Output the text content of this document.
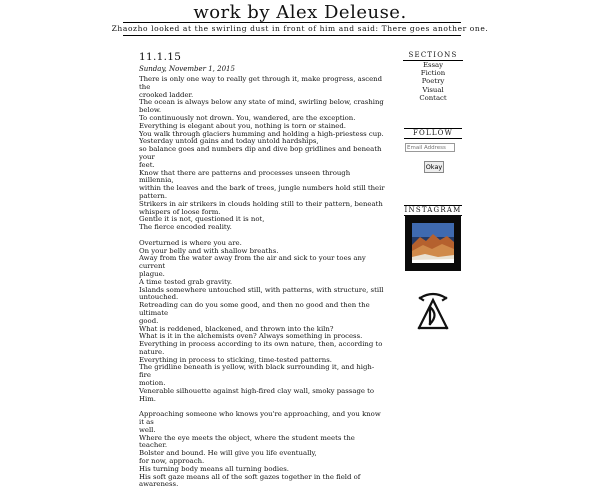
work by Alex Deleuse.
Zhaozho looked at the swirling dust in front of him and said: There goes another one.
11.1.15
Sunday, November 1, 2015

There is only one way to really get through it, make progress, ascend the
crooked ladder.
The ocean is always below any state of mind, swirling below, crashing below.
To continuously not drown. You, wandered, are the exception.
Everything is elegant about you, nothing is torn or stained.
You walk through glaciers humming and holding a high-priestess cup.
Yesterday untold gains and today untold hardships,
so balance goes and numbers dip and dive bop gridlines and beneath your
feet.
Know that there are patterns and processes unseen through millennia,
within the leaves and the bark of trees, jungle numbers hold still their
pattern.
Strikers in air strikers in clouds holding still to their pattern, beneath
whispers of loose form.
Gentle it is not, questioned it is not,
The fierce encoded reality.

Overturned is where you are.
On your belly and with shallow breaths.
Away from the water away from the air and sick to your toes any current
plague.
A time tested grab gravity.
Islands somewhere untouched still, with patterns, with structure, still
untouched.
Retreading can do you some good, and then no good and then the ultimate
good.
What is reddened, blackened, and thrown into the kiln?
What is it in the alchemists oven? Always something in process.
Everything in process according to its own nature, then, according to
nature.
Everything in process to sticking, time-tested patterns.
The gridline beneath is yellow, with black surrounding it, and high-fire
motion.
Venerable silhouette against high-fired clay wall, smoky passage to Him.

Approaching someone who knows you're approaching, and you know it as
well.
Where the eye meets the object, where the student meets the teacher.
Bolster and bound. He will give you life eventually,
for now, approach.
His turning body means all turning bodies.
His soft gaze means all of the soft gazes together in the field of awareness.

SECTIONS
Essay
Fiction
Poetry
Visual
Contact
FOLLOW
Email Address
Okay
INSTAGRAM
